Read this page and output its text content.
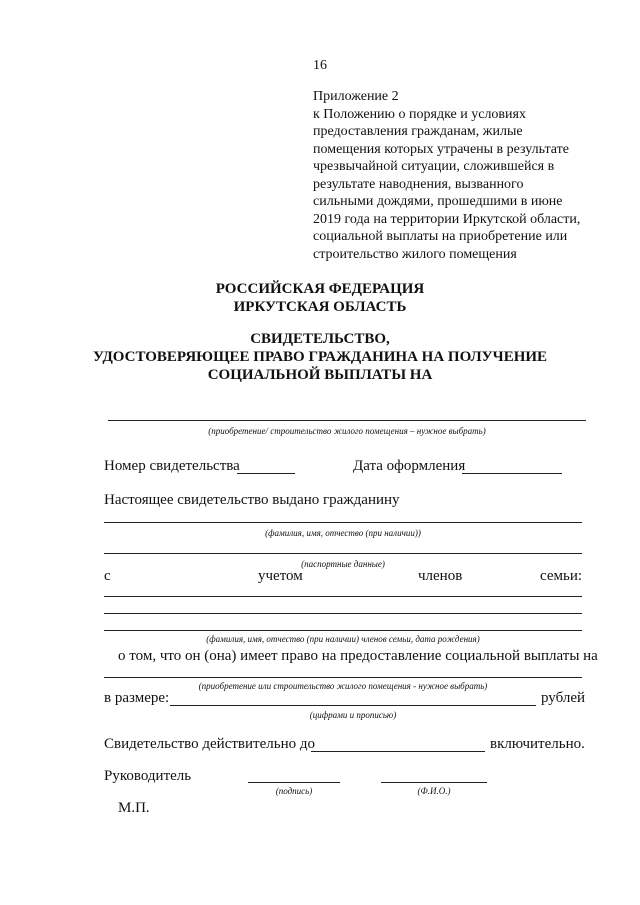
16
Приложение 2
к Положению о порядке и условиях
предоставления гражданам, жилые
помещения которых утрачены в результате
чрезвычайной ситуации, сложившейся в
результате наводнения, вызванного
сильными дождями, прошедшими в июне
2019 года на территории Иркутской области,
социальной выплаты на приобретение или
строительство жилого помещения
РОССИЙСКАЯ ФЕДЕРАЦИЯ
ИРКУТСКАЯ ОБЛАСТЬ
СВИДЕТЕЛЬСТВО,
УДОСТОВЕРЯЮЩЕЕ ПРАВО ГРАЖДАНИНА НА ПОЛУЧЕНИЕ
СОЦИАЛЬНОЙ ВЫПЛАТЫ НА
(приобретение/ строительство жилого помещения – нужное выбрать)
Номер свидетельства	Дата оформления
Настоящее свидетельство выдано гражданину
(фамилия, имя, отчество (при наличии))
(паспортные данные)
с	учетом	членов	семьи:
(фамилия, имя, отчество (при наличии) членов семьи, дата рождения)
о том, что он (она) имеет право на предоставление социальной выплаты на
(приобретение или строительство жилого помещения - нужное выбрать)
в размере:	рублей
(цифрами и прописью)
Свидетельство действительно до	включительно.
Руководитель
(подпись)	(Ф.И.О.)
М.П.
